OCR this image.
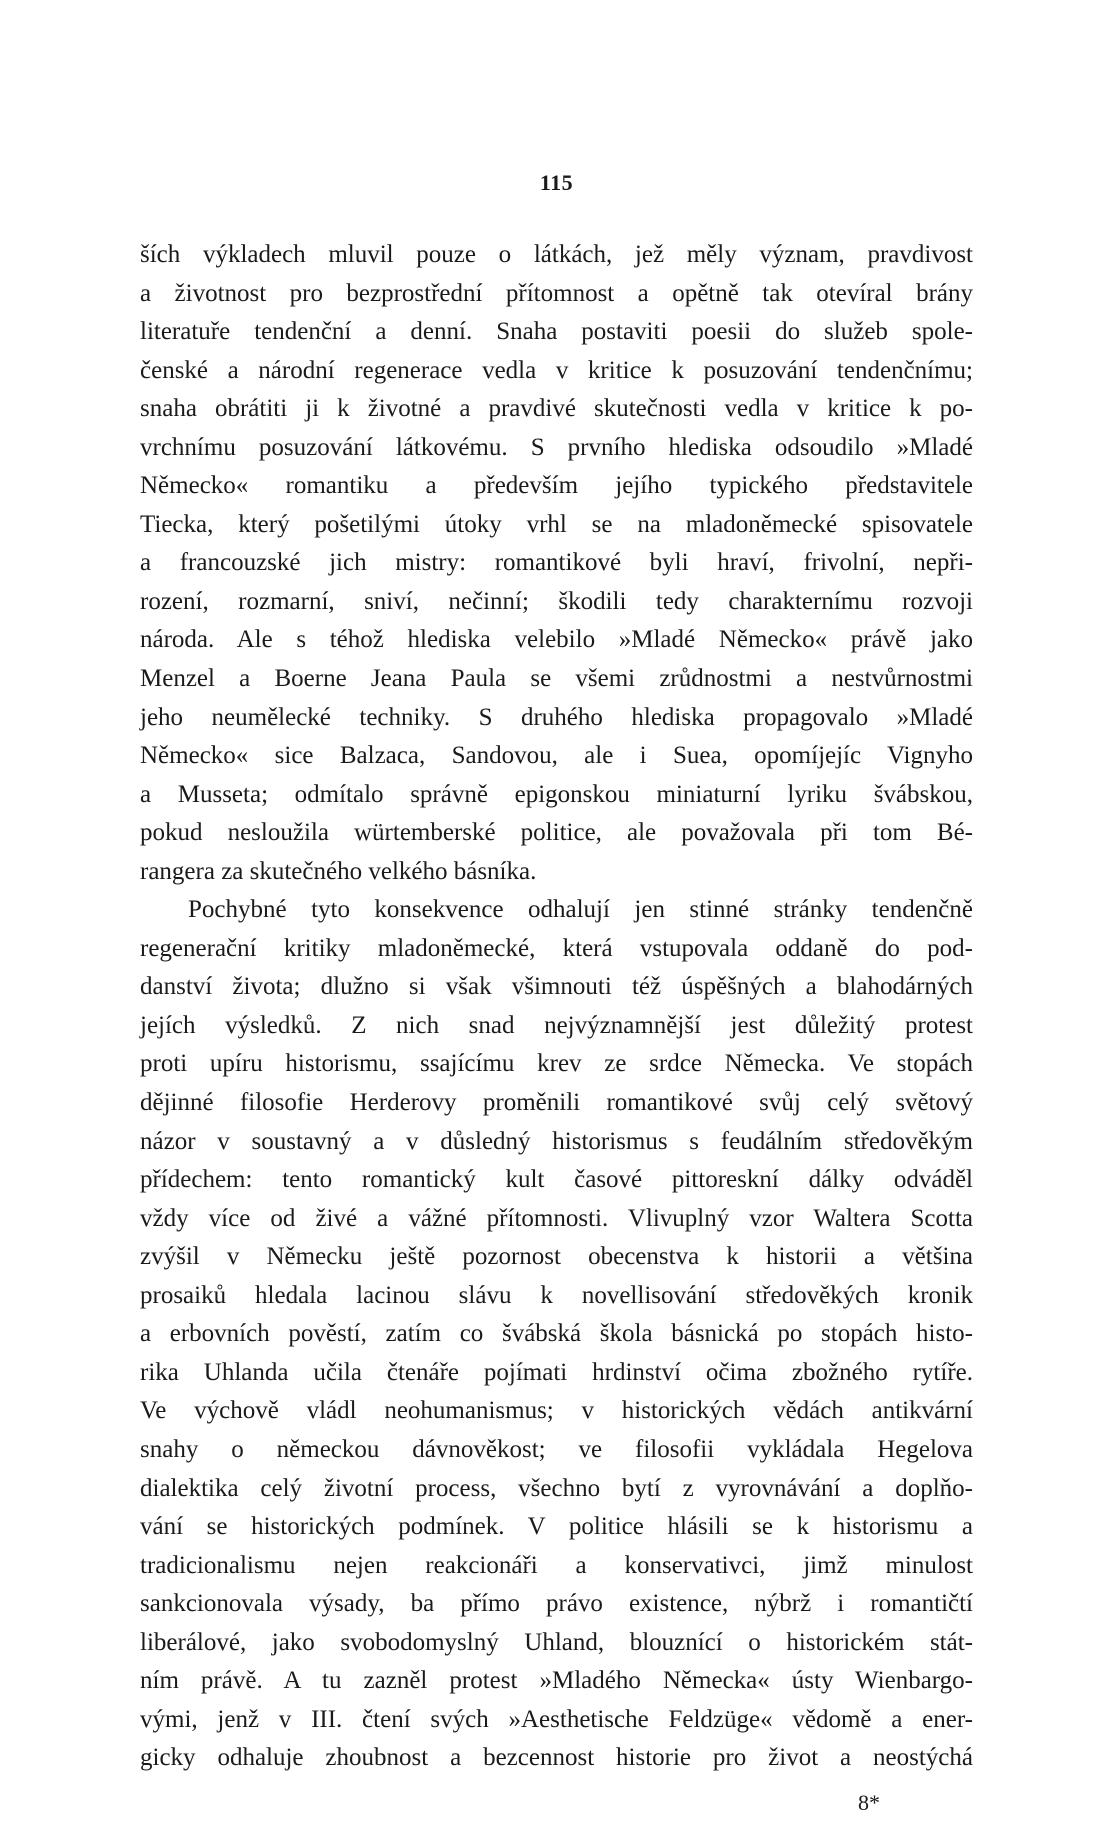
115
ších výkladech mluvil pouze o látkách, jež měly význam, pravdivost
a životnost pro bezprostřední přítomnost a opětně tak otevíral brány
literatuře tendenční a denní. Snaha postaviti poesii do služeb spole-
čenské a národní regenerace vedla v kritice k posuzování tendenčnímu;
snaha obrátiti ji k životné a pravdivé skutečnosti vedla v kritice k po-
vrchnímu posuzování látkovému. S prvního hlediska odsoudilo »Mladé
Německo« romantiku a především jejího typického představitele
Tiecka, který pošetilými útoky vrhl se na mladoněmecké spisovatele
a francouzské jich mistry: romantikové byli hraví, frivolní, nepři-
rození, rozmarní, sniví, nečinní; škodili tedy charakternímu rozvoji
národa. Ale s téhož hlediska velebilo »Mladé Německo« právě jako
Menzel a Boerne Jeana Paula se všemi zrůdnostmi a nestvůrnostmi
jeho neumělecké techniky. S druhého hlediska propagovalo »Mladé
Německo« sice Balzaca, Sandovou, ale i Suea, opomíjejíc Vignyho
a Musseta; odmítalo správně epigonskou miniaturní lyriku švábskou,
pokud nesloužila würtemberské politice, ale považovala při tom Bé-
rangera za skutečného velkého básníka.
Pochybné tyto konsekvence odhalují jen stinné stránky tendenčně
regenerační kritiky mladoněmecké, která vstupovala oddaně do pod-
danství života; dlužno si však všimnouti též úspěšných a blahodárných
jejích výsledků. Z nich snad nejvýznamnější jest důležitý protest
proti upíru historismu, ssajícímu krev ze srdce Německa. Ve stopách
dějinné filosofie Herderovy proměnili romantikové svůj celý světový
názor v soustavný a v důsledný historismus s feudálním středověkým
přídechem: tento romantický kult časové pittoreskní dálky odváděl
vždy více od živé a vážné přítomnosti. Vlivuplný vzor Waltera Scotta
zvýšil v Německu ještě pozornost obecenstva k historii a většina
prosaiků hledala lacinou slávu k novellisování středověkých kronik
a erbovních pověstí, zatím co švábská škola básnická po stopách histo-
rika Uhlanda učila čtenáře pojímati hrdinství očima zbožného rytíře.
Ve výchově vládl neohumanismus; v historických vědách antikvární
snahy o německou dávnověkost; ve filosofii vykládala Hegelova
dialektika celý životní process, všechno bytí z vyrovnávání a doplňo-
vání se historických podmínek. V politice hlásili se k historismu a
tradicionalismu nejen reakcionáři a konservativci, jimž minulost
sankcionovala výsady, ba přímo právo existence, nýbrž i romantičtí
liberálové, jako svobodomyslný Uhland, blouznící o historickém stát-
ním právě. A tu zazněl protest »Mladého Německa« ústy Wienbargo-
vými, jenž v III. čtení svých »Aesthetische Feldzüge« vědomě a ener-
gicky odhaluje zhoubnost a bezcennost historie pro život a neostýchá
8*
